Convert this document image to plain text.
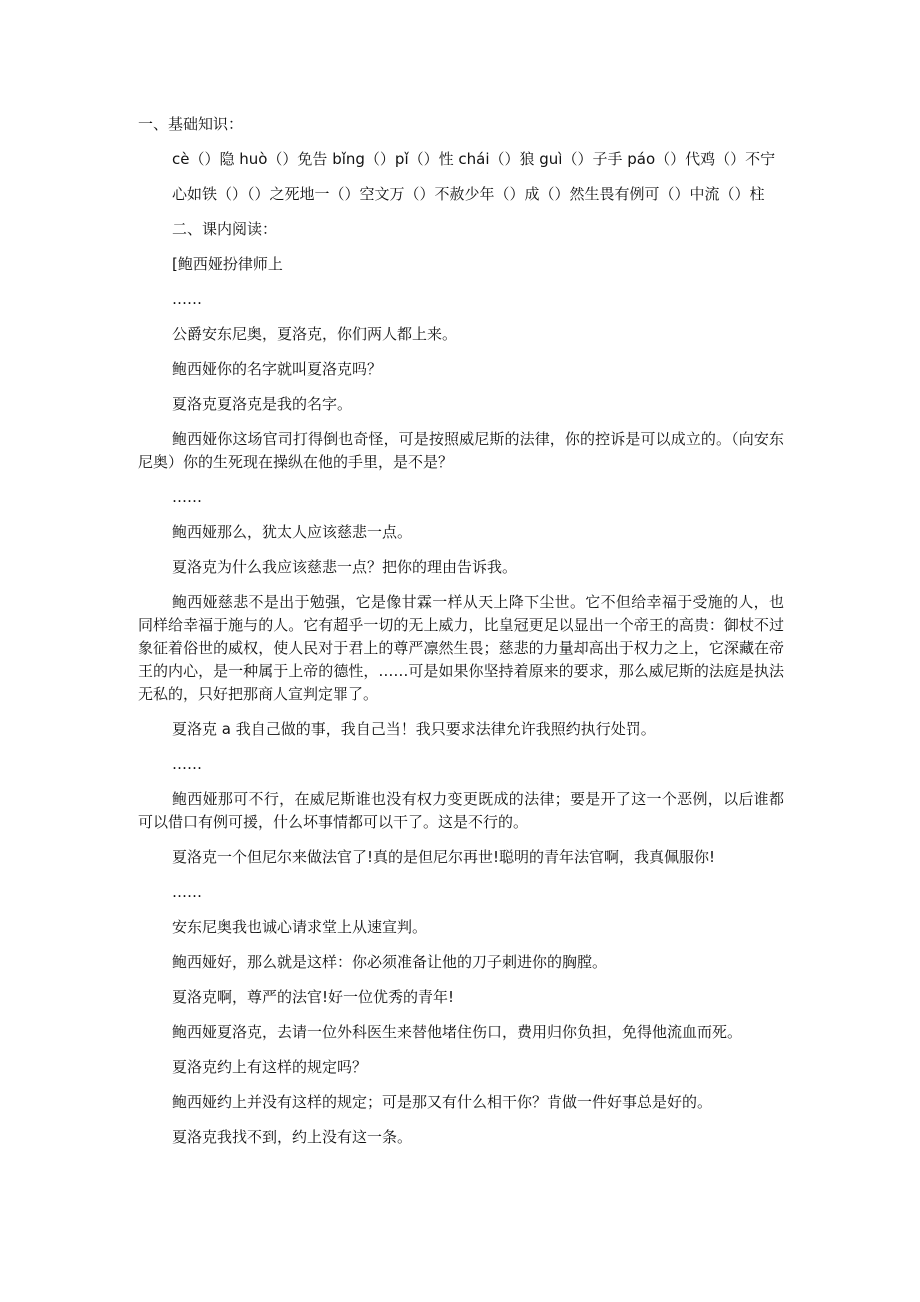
一、基础知识：

cè（）隐 huò（）免告 bǐng（）pǐ（）性 chái（）狼 guì（）子手 páo（）代鸡（）不宁

心如铁（）（）之死地一（）空文万（）不赦少年（）成（）然生畏有例可（）中流（）柱

二、课内阅读：

[鲍西娅扮律师上

……

公爵安东尼奥，夏洛克，你们两人都上来。

鲍西娅你的名字就叫夏洛克吗？

夏洛克夏洛克是我的名字。

鲍西娅你这场官司打得倒也奇怪，可是按照威尼斯的法律，你的控诉是可以成立的。（向安东尼奥）你的生死现在操纵在他的手里，是不是？

……

鲍西娅那么，犹太人应该慈悲一点。

夏洛克为什么我应该慈悲一点？把你的理由告诉我。

鲍西娅慈悲不是出于勉强，它是像甘霖一样从天上降下尘世。它不但给幸福于受施的人，也同样给幸福于施与的人。它有超乎一切的无上威力，比皇冠更足以显出一个帝王的高贵：御杖不过象征着俗世的威权，使人民对于君上的尊严凛然生畏；慈悲的力量却高出于权力之上，它深藏在帝王的内心，是一种属于上帝的德性，……可是如果你坚持着原来的要求，那么威尼斯的法庭是执法无私的，只好把那商人宣判定罪了。

夏洛克 a 我自己做的事，我自己当！我只要求法律允许我照约执行处罚。

……

鲍西娅那可不行，在威尼斯谁也没有权力变更既成的法律；要是开了这一个恶例，以后谁都可以借口有例可援，什么坏事情都可以干了。这是不行的。

夏洛克一个但尼尔来做法官了!真的是但尼尔再世!聪明的青年法官啊，我真佩服你!

……

安东尼奥我也诚心请求堂上从速宣判。

鲍西娅好，那么就是这样：你必须准备让他的刀子刺进你的胸膛。

夏洛克啊，尊严的法官!好一位优秀的青年!

鲍西娅夏洛克，去请一位外科医生来替他堵住伤口，费用归你负担，免得他流血而死。

夏洛克约上有这样的规定吗？

鲍西娅约上并没有这样的规定；可是那又有什么相干你？肯做一件好事总是好的。

夏洛克我找不到，约上没有这一条。
